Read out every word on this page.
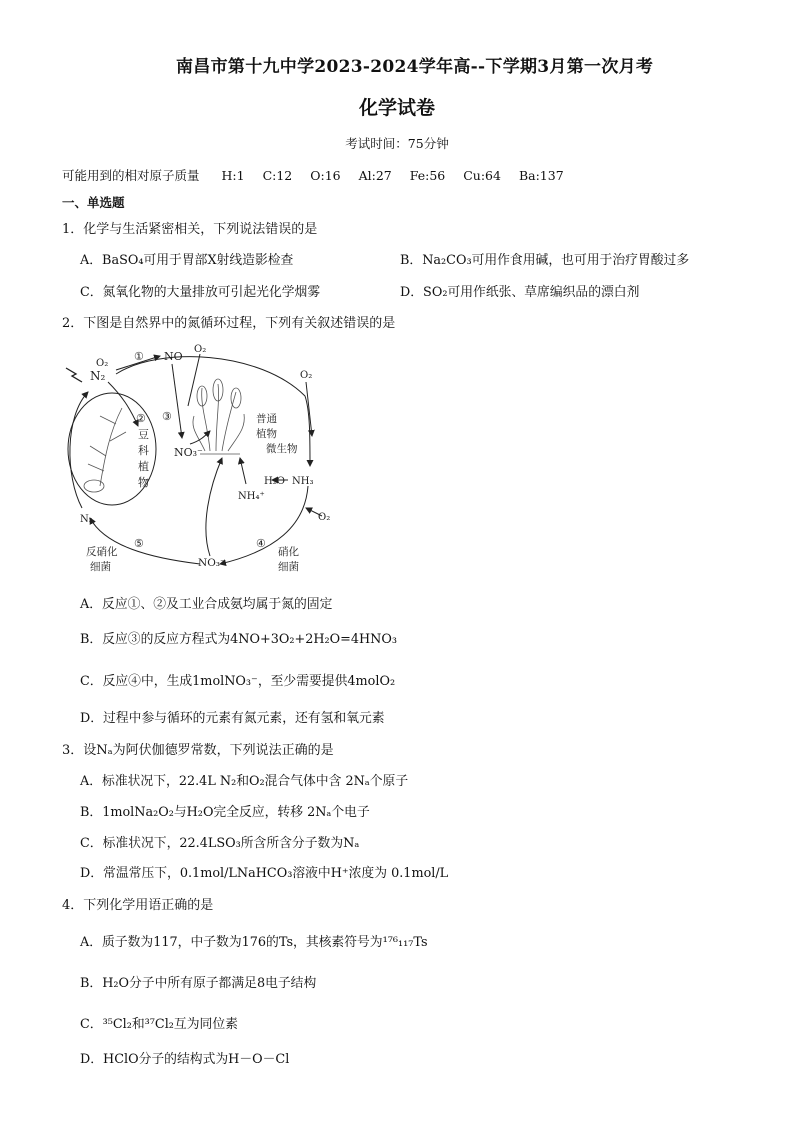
南昌市第十九中学2023-2024学年高--下学期3月第一次月考
化学试卷
考试时间：75分钟
可能用到的相对原子质量 H:1 C:12 O:16 Al:27 Fe:56 Cu:64 Ba:137
一、单选题
1．化学与生活紧密相关，下列说法错误的是
A．BaSO₄可用于胃部X射线造影检查	B．Na₂CO₃可用作食用碱，也可用于治疗胃酸过多
C．氮氧化物的大量排放可引起光化学烟雾	D．SO₂可用作纸张、草席编织品的漂白剂
2．下图是自然界中的氮循环过程，下列有关叙述错误的是
N₂
O₂
① NO
O₂
O₂
③
NO₃⁻
②
豆
科
植
物
普通
植物
微生物
H₂O NH₃
NH₄⁺
O₂
N₂
⑤
反硝化
细菌	NO₃⁻
④
硝化
细菌
A．反应①、②及工业合成氨均属于氮的固定
B．反应③的反应方程式为4NO+3O₂+2H₂O=4HNO₃
C．反应④中，生成1molNO₃⁻，至少需要提供4molO₂
D．过程中参与循环的元素有氮元素，还有氢和氧元素
3．设Nₐ为阿伏伽德罗常数，下列说法正确的是
A．标准状况下，22.4L N₂和O₂混合气体中含 2Nₐ个原子
B．1molNa₂O₂与H₂O完全反应，转移 2Nₐ个电子
C．标准状况下，22.4LSO₃所含所含分子数为Nₐ
D．常温常压下，0.1mol/LNaHCO₃溶液中H⁺浓度为 0.1mol/L
4．下列化学用语正确的是
A．质子数为117，中子数为176的Ts，其核素符号为¹⁷⁶₁₁₇Ts
B．H₂O分子中所有原子都满足8电子结构
C．³⁵Cl₂和³⁷Cl₂互为同位素
D．HClO分子的结构式为H－O－Cl
